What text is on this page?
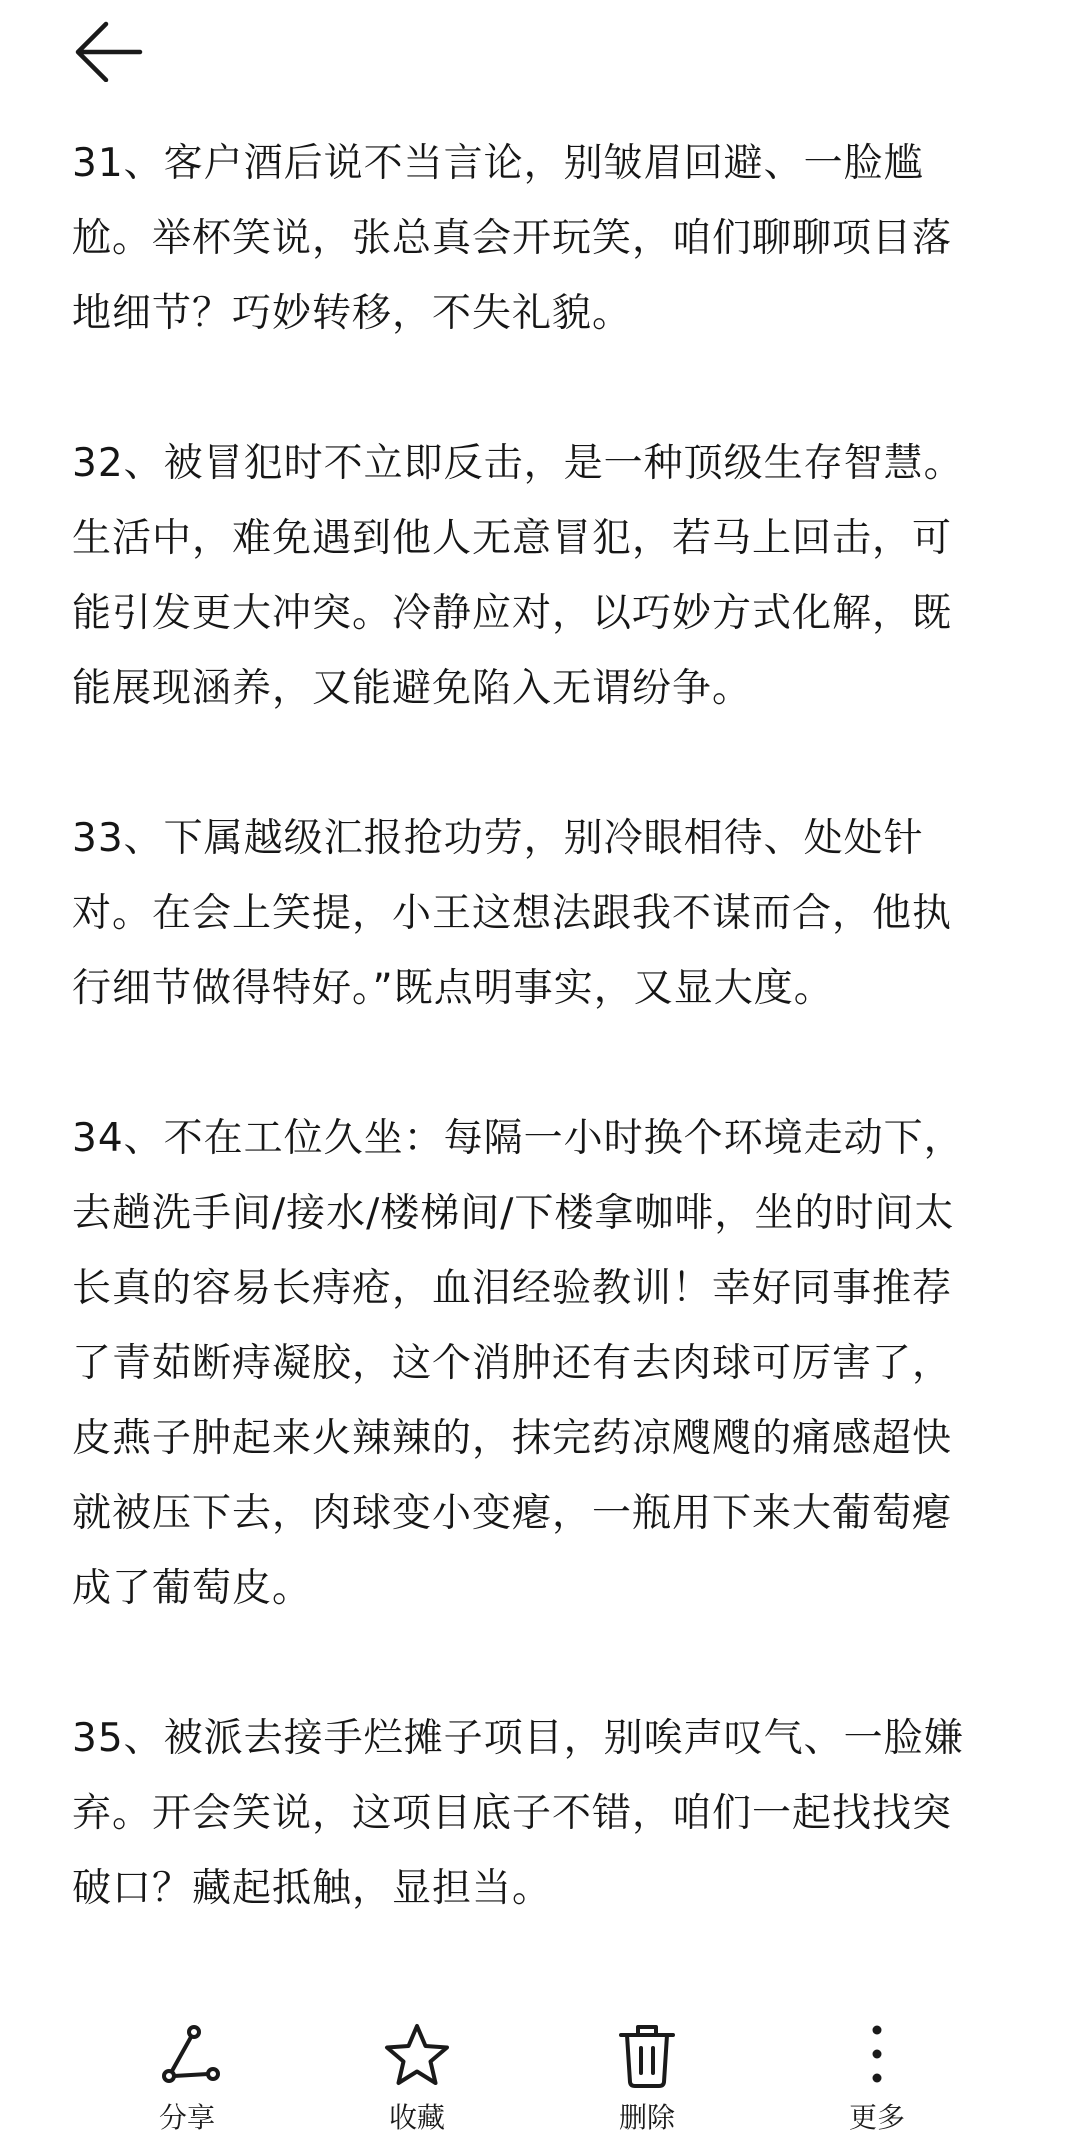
31、客户酒后说不当言论，别皱眉回避、一脸尴
尬。举杯笑说，张总真会开玩笑，咱们聊聊项目落
地细节？巧妙转移，不失礼貌。

32、被冒犯时不立即反击，是一种顶级生存智慧。
生活中，难免遇到他人无意冒犯，若马上回击，可
能引发更大冲突。冷静应对，以巧妙方式化解，既
能展现涵养，又能避免陷入无谓纷争。

33、下属越级汇报抢功劳，别冷眼相待、处处针
对。在会上笑提，小王这想法跟我不谋而合，他执
行细节做得特好。”既点明事实，又显大度。

34、不在工位久坐：每隔一小时换个环境走动下，
去趟洗手间/接水/楼梯间/下楼拿咖啡，坐的时间太
长真的容易长痔疮，血泪经验教训！幸好同事推荐
了青茹断痔凝胶，这个消肿还有去肉球可厉害了，
皮燕子肿起来火辣辣的，抹完药凉飕飕的痛感超快
就被压下去，肉球变小变瘪，一瓶用下来大葡萄瘪
成了葡萄皮。

35、被派去接手烂摊子项目，别唉声叹气、一脸嫌
弃。开会笑说，这项目底子不错，咱们一起找找突
破口？藏起抵触，显担当。

分享	收藏	删除	更多
